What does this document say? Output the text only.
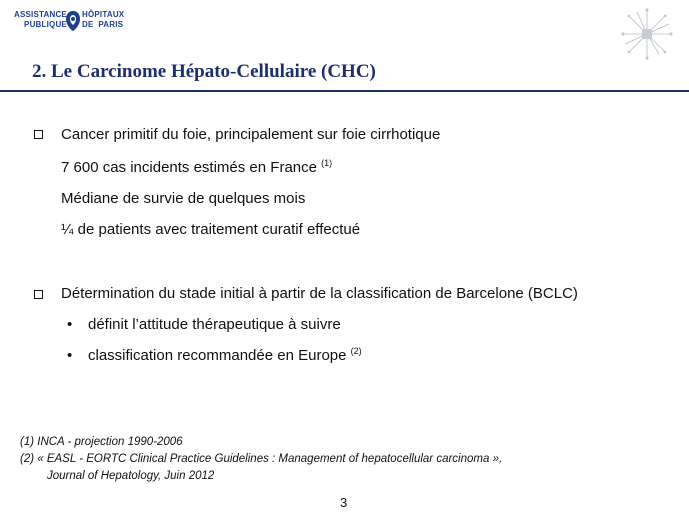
ASSISTANCE
PUBLIQUE
HÔPITAUX
DE  PARIS
2. Le Carcinome Hépato-Cellulaire (CHC)
Cancer primitif du foie, principalement sur foie cirrhotique
7 600 cas incidents estimés en France $^{(1)}$
Médiane de survie de quelques mois
¼ de patients avec traitement curatif effectué
Détermination du stade initial à partir de la classification de Barcelone (BCLC)
• définit l’attitude thérapeutique à suivre
• classification recommandée en Europe $^{(2)}$
(1) INCA - projection 1990-2006
(2) « EASL - EORTC Clinical Practice Guidelines : Management of hepatocellular carcinoma »,
Journal of Hepatology, Juin 2012
3
